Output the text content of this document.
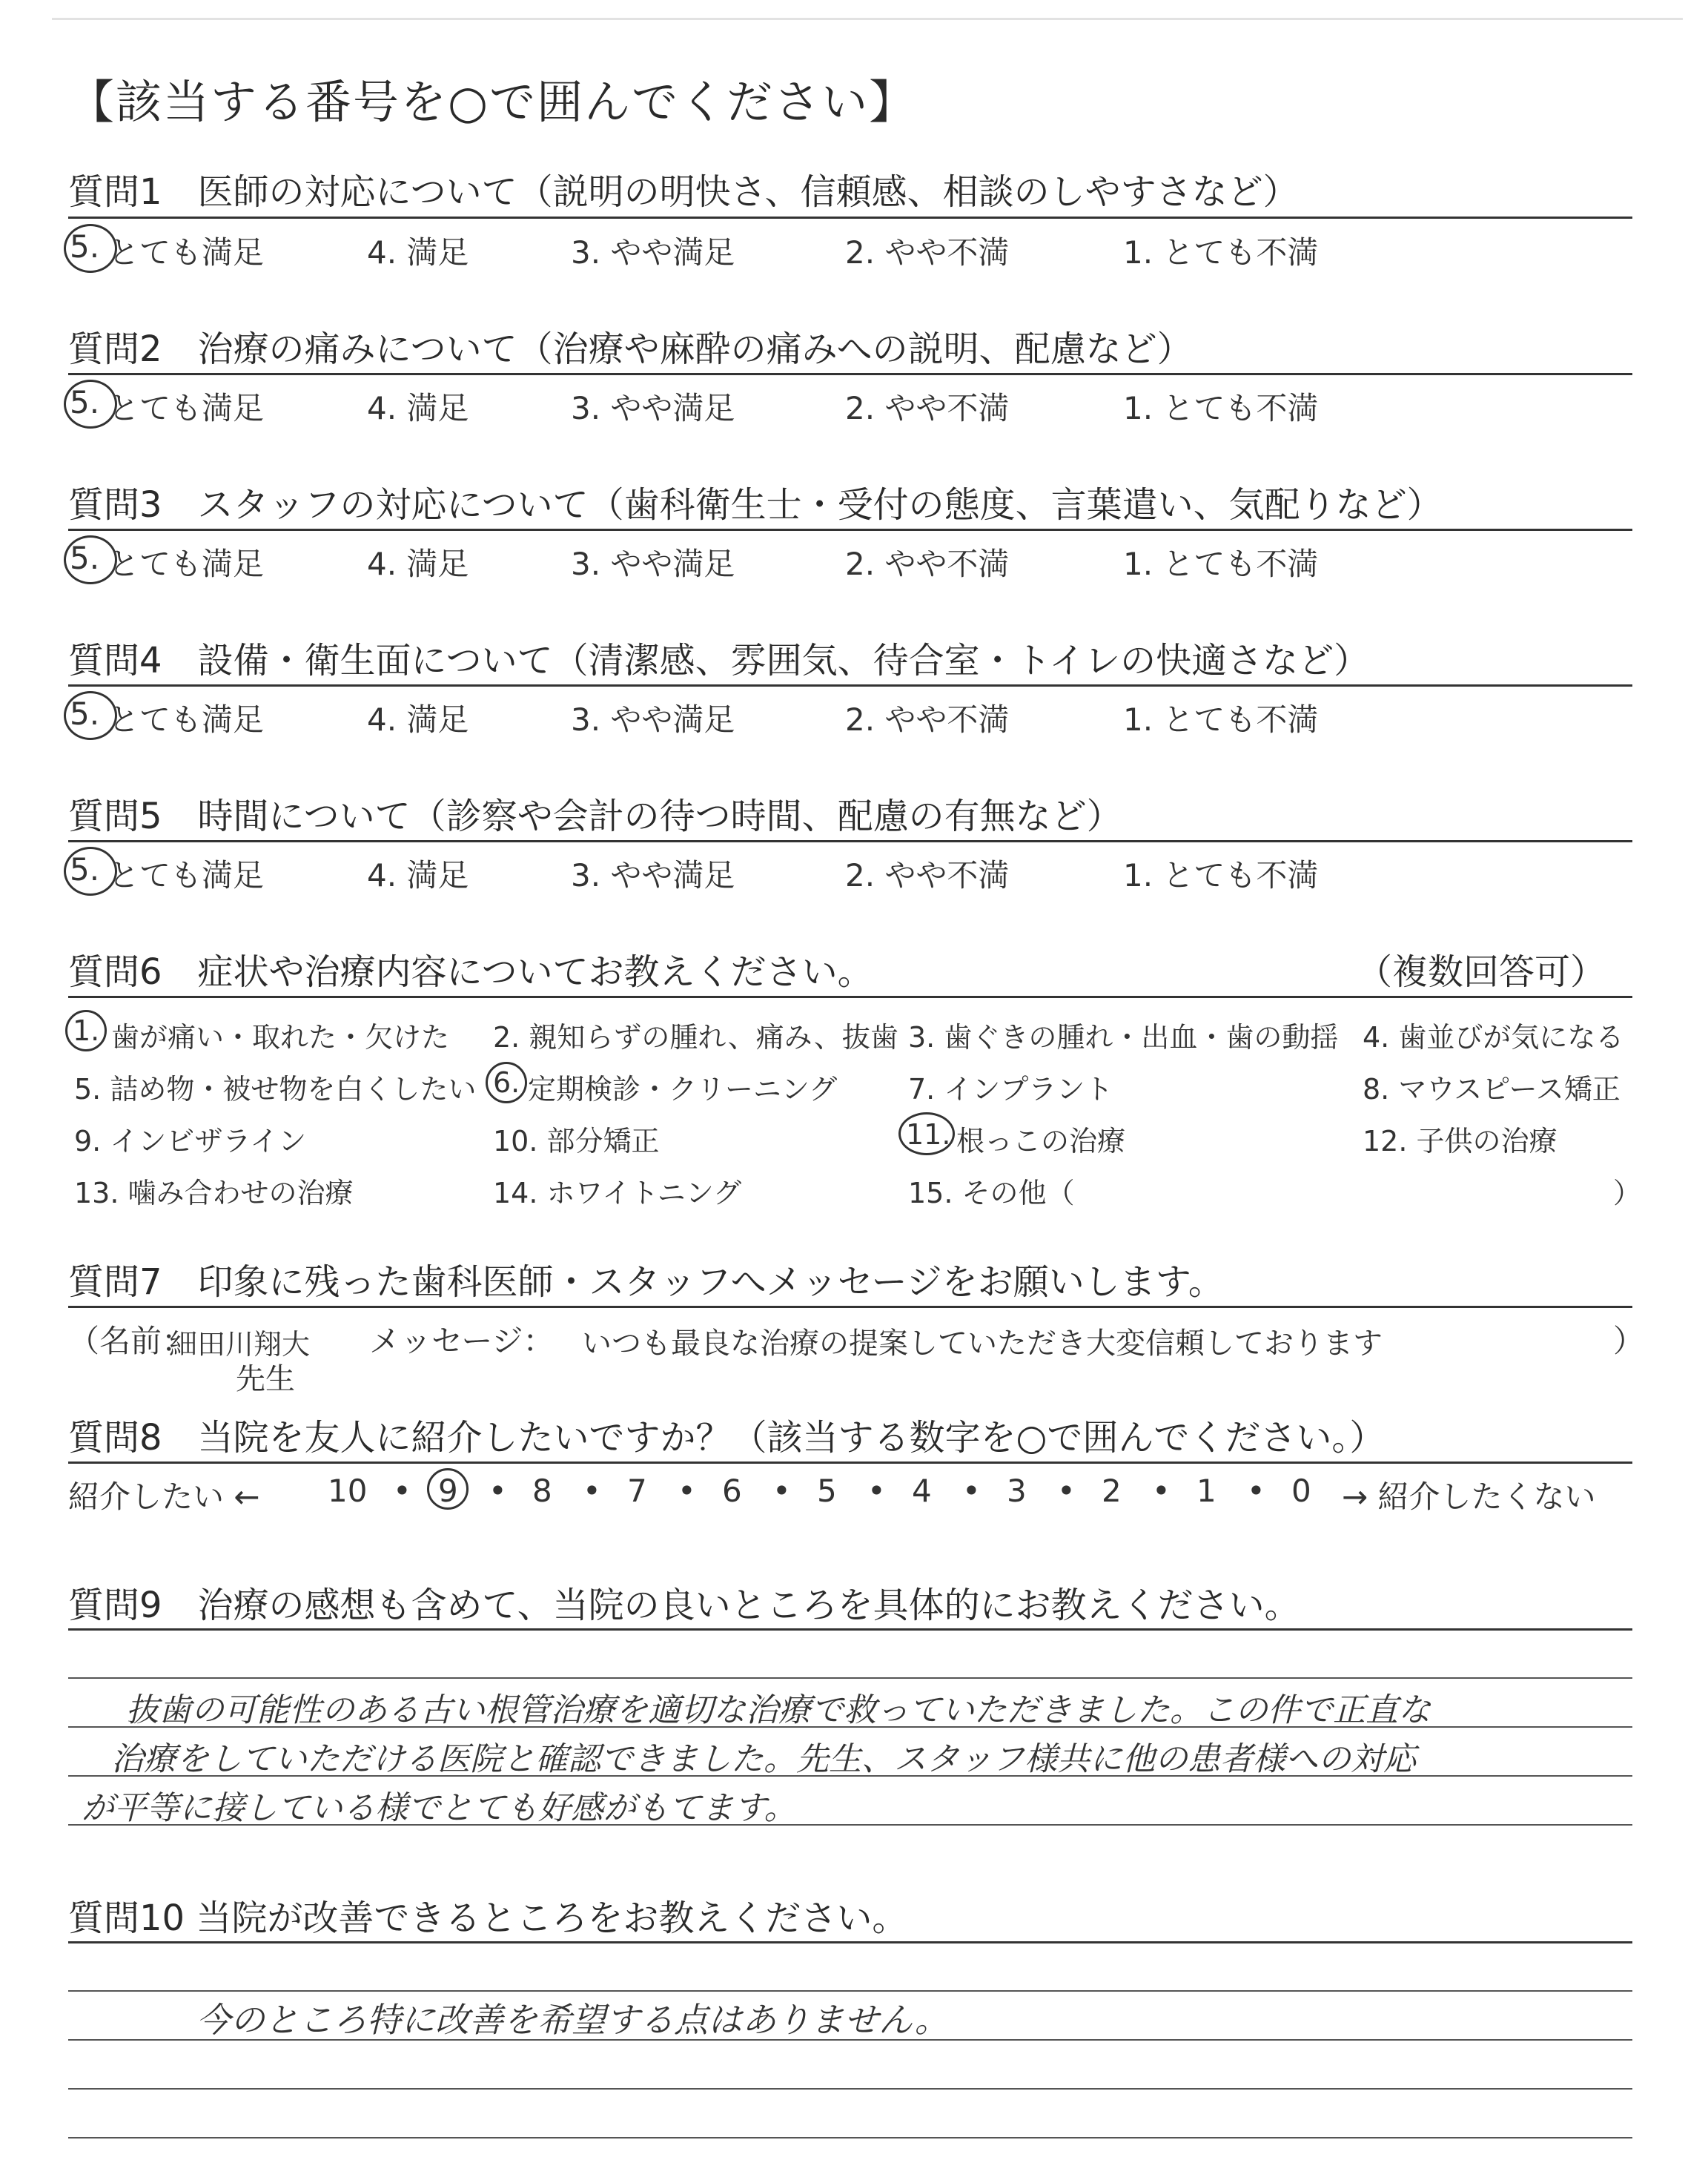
【該当する番号を○で囲んでください】
質問1　医師の対応について（説明の明快さ、信頼感、相談のしやすさなど）
5. とても満足	4. 満足	3. やや満足	2. やや不満	1. とても不満
質問2　治療の痛みについて（治療や麻酔の痛みへの説明、配慮など）
5. とても満足	4. 満足	3. やや満足	2. やや不満	1. とても不満
質問3　スタッフの対応について（歯科衛生士・受付の態度、言葉遣い、気配りなど）
5. とても満足	4. 満足	3. やや満足	2. やや不満	1. とても不満
質問4　設備・衛生面について（清潔感、雰囲気、待合室・トイレの快適さなど）
5. とても満足	4. 満足	3. やや満足	2. やや不満	1. とても不満
質問5　時間について（診察や会計の待つ時間、配慮の有無など）
5. とても満足	4. 満足	3. やや満足	2. やや不満	1. とても不満
質問6　症状や治療内容についてお教えください。	（複数回答可）
1. 歯が痛い・取れた・欠けた 2. 親知らずの腫れ、痛み、抜歯 3. 歯ぐきの腫れ・出血・歯の動揺 4. 歯並びが気になる
5. 詰め物・被せ物を白くしたい 6. 定期検診・クリーニング	7. インプラント	8. マウスピース矯正
9. インビザライン	10. 部分矯正	11. 根っこの治療	12. 子供の治療
13. 噛み合わせの治療	14. ホワイトニング	15. その他（	）
質問7　印象に残った歯科医師・スタッフへメッセージをお願いします。
（名前：
細田川翔大
先生
メッセージ： いつも最良な治療の提案していただき大変信頼しております	）
質問8　当院を友人に紹介したいですか？（該当する数字を○で囲んでください。）
紹介したい ← 10 • 9 • 8 • 7 • 6 • 5 • 4 • 3 • 2 • 1 • 0 → 紹介したくない
質問9　治療の感想も含めて、当院の良いところを具体的にお教えください。
抜歯の可能性のある古い根管治療を適切な治療で救っていただきました。この件で正直な
治療をしていただける医院と確認できました。先生、スタッフ様共に他の患者様への対応
が平等に接している様でとても好感がもてます。
質問10 当院が改善できるところをお教えください。
今のところ特に改善を希望する点はありません。
